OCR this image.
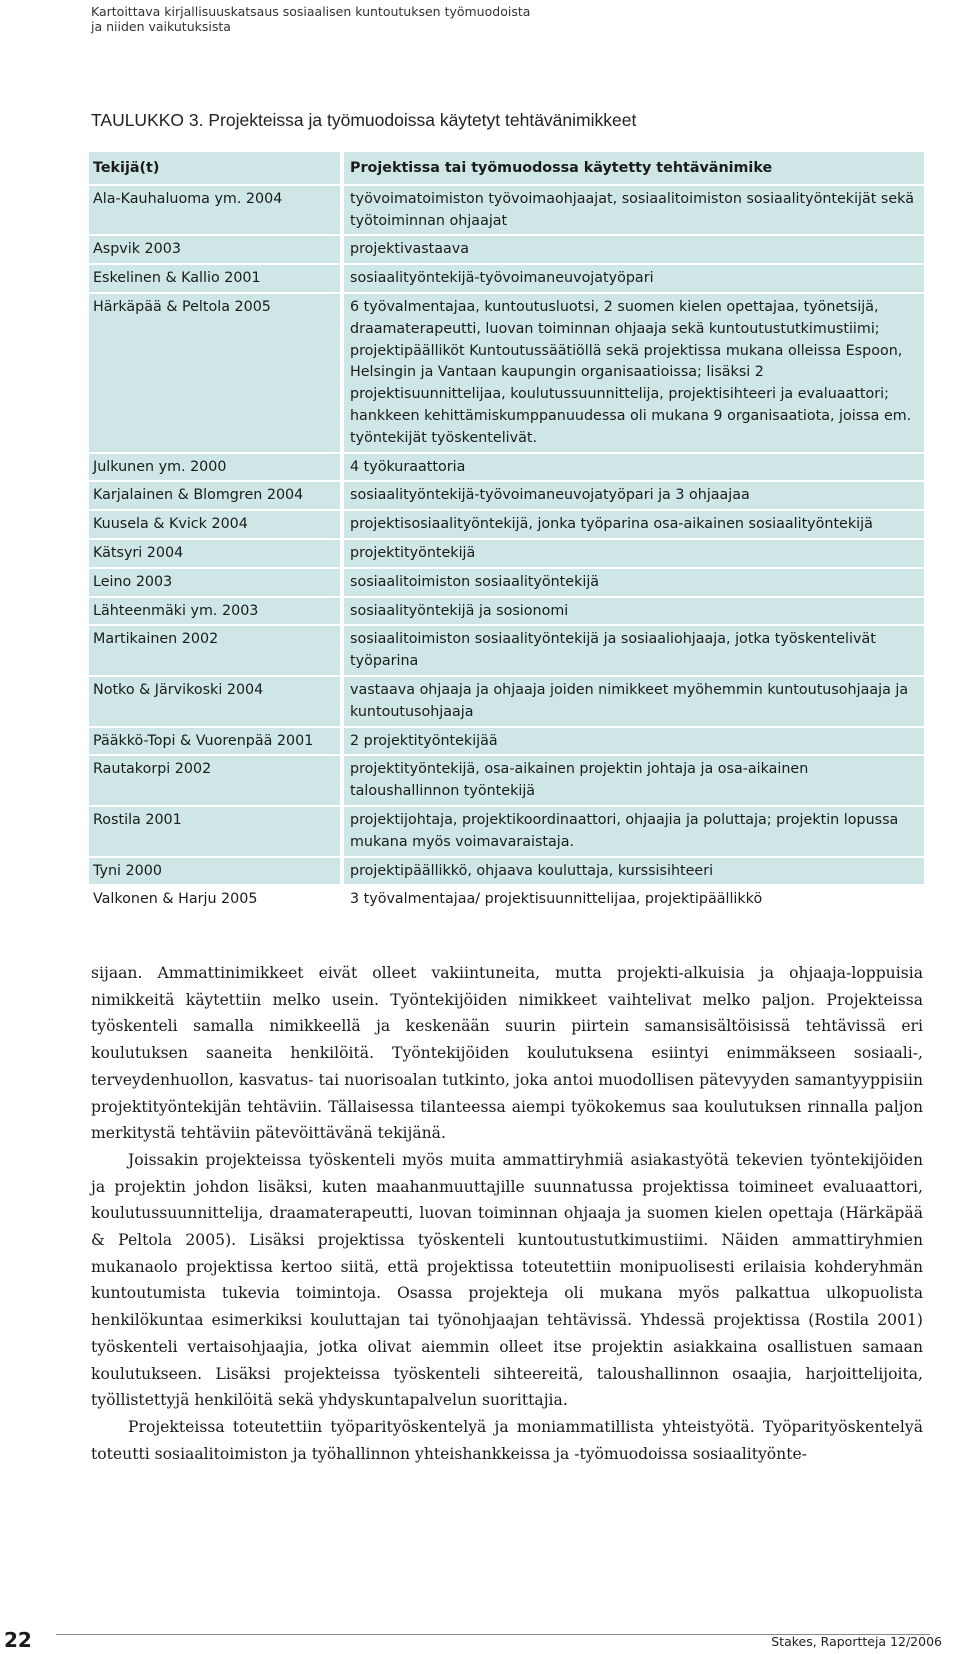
Kartoittava kirjallisuuskatsaus sosiaalisen kuntoutuksen työmuodoista
ja niiden vaikutuksista
TAULUKKO 3. Projekteissa ja työmuodoissa käytetyt tehtävänimikkeet
Tekijä(t)	Projektissa tai työmuodossa käytetty tehtävänimike
Ala-Kauhaluoma ym. 2004	työvoimatoimiston työvoimaohjaajat, sosiaalitoimiston sosiaalityöntekijät sekä työtoiminnan ohjaajat
Aspvik 2003	projektivastaava
Eskelinen & Kallio 2001	sosiaalityöntekijä-työvoimaneuvojatyöpari
Härkäpää & Peltola 2005	6 työvalmentajaa, kuntoutusluotsi, 2 suomen kielen opettajaa, työnetsijä, draamaterapeutti, luovan toiminnan ohjaaja sekä kuntoutustutkimustiimi; projektipäälliköt Kuntoutussäätiöllä sekä projektissa mukana olleissa Espoon, Helsingin ja Vantaan kaupungin organisaatioissa; lisäksi 2 projektisuunnittelijaa, koulutussuunnittelija, projektisihteeri ja evaluaattori; hankkeen kehittämiskumppanuudessa oli mukana 9 organisaatiota, joissa em. työntekijät työskentelivät.
Julkunen ym. 2000	4 työkuraattoria
Karjalainen & Blomgren 2004	sosiaalityöntekijä-työvoimaneuvojatyöpari ja 3 ohjaajaa
Kuusela & Kvick 2004	projektisosiaalityöntekijä, jonka työparina osa-aikainen sosiaalityöntekijä
Kätsyri 2004	projektityöntekijä
Leino 2003	sosiaalitoimiston sosiaalityöntekijä
Lähteenmäki ym. 2003	sosiaalityöntekijä ja sosionomi
Martikainen 2002	sosiaalitoimiston sosiaalityöntekijä ja sosiaaliohjaaja, jotka työskentelivät työparina
Notko & Järvikoski 2004	vastaava ohjaaja ja ohjaaja joiden nimikkeet myöhemmin kuntoutusohjaaja ja kuntoutusohjaaja
Pääkkö-Topi & Vuorenpää 2001	2 projektityöntekijää
Rautakorpi 2002	projektityöntekijä, osa-aikainen projektin johtaja ja osa-aikainen taloushallinnon työntekijä
Rostila 2001	projektijohtaja, projektikoordinaattori, ohjaajia ja poluttaja; projektin lopussa mukana myös voimavaraistaja.
Tyni 2000	projektipäällikkö, ohjaava kouluttaja, kurssisihteeri
Valkonen & Harju 2005	3 työvalmentajaa/ projektisuunnittelijaa, projektipäällikkö

sijaan. Ammattinimikkeet eivät olleet vakiintuneita, mutta projekti-alkuisia ja ohjaaja-loppuisia nimikkeitä käytettiin melko usein. Työntekijöiden nimikkeet vaihtelivat melko paljon. Projekteissa työskenteli samalla nimikkeellä ja keskenään suurin piirtein samansisältöisissä tehtävissä eri koulutuksen saaneita henkilöitä. Työntekijöiden koulutuksena esiintyi enimmäkseen sosiaali-, terveydenhuollon, kasvatus- tai nuorisoalan tutkinto, joka antoi muodollisen pätevyyden samantyyppisiin projektityöntekijän tehtäviin. Tällaisessa tilanteessa aiempi työkokemus saa koulutuksen rinnalla paljon merkitystä tehtäviin pätevöittävänä tekijänä.

Joissakin projekteissa työskenteli myös muita ammattiryhmiä asiakastyötä tekevien työntekijöiden ja projektin johdon lisäksi, kuten maahanmuuttajille suunnatussa projektissa toimineet evaluaattori, koulutussuunnittelija, draamaterapeutti, luovan toiminnan ohjaaja ja suomen kielen opettaja (Härkäpää & Peltola 2005). Lisäksi projektissa työskenteli kuntoutustutkimustiimi. Näiden ammattiryhmien mukanaolo projektissa kertoo siitä, että projektissa toteutettiin monipuolisesti erilaisia kohderyhmän kuntoutumista tukevia toimintoja. Osassa projekteja oli mukana myös palkattua ulkopuolista henkilökuntaa esimerkiksi kouluttajan tai työnohjaajan tehtävissä. Yhdessä projektissa (Rostila 2001) työskenteli vertaisohjaajia, jotka olivat aiemmin olleet itse projektin asiakkaina osallistuen samaan koulutukseen. Lisäksi projekteissa työskenteli sihteereitä, taloushallinnon osaajia, harjoittelijoita, työllistettyjä henkilöitä sekä yhdyskuntapalvelun suorittajia.

Projekteissa toteutettiin työparityöskentelyä ja moniammatillista yhteistyötä. Työparityöskentelyä toteutti sosiaalitoimiston ja työhallinnon yhteishankkeissa ja -työmuodoissa sosiaalityönte-

22	Stakes, Raportteja 12/2006
